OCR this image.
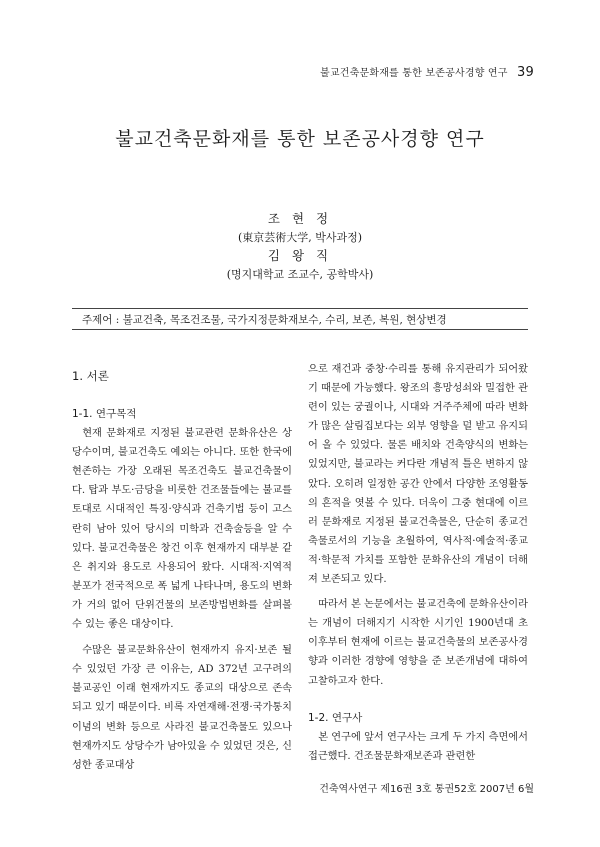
불교건축문화재를 통한 보존공사경향 연구 39
불교건축문화재를 통한 보존공사경향 연구
조 현 정
(東京芸術大学, 박사과정)
김 왕 직
(명지대학교 조교수, 공학박사)
주제어 : 불교건축, 목조건조물, 국가지정문화재보수, 수리, 보존, 복원, 현상변경
1. 서론
1-1. 연구목적

현재 문화재로 지정된 불교관련 문화유산은 상당수이며, 불교건축도 예외는 아니다. 또한 한국에 현존하는 가장 오래된 목조건축도 불교건축물이다. 탑과 부도·금당을 비롯한 건조물들에는 불교를 토대로 시대적인 특징·양식과 건축기법 등이 고스란히 남아 있어 당시의 미학과 건축술등을 알 수 있다. 불교건축물은 창건 이후 현재까지 대부분 같은 취지와 용도로 사용되어 왔다. 시대적·지역적 분포가 전국적으로 폭 넓게 나타나며, 용도의 변화가 거의 없어 단위건물의 보존방법변화를 살펴볼 수 있는 좋은 대상이다.

수많은 불교문화유산이 현재까지 유지·보존 될 수 있었던 가장 큰 이유는, AD 372년 고구려의 불교공인 이래 현재까지도 종교의 대상으로 존속되고 있기 때문이다. 비록 자연재해·전쟁·국가통치이념의 변화 등으로 사라진 불교건축물도 있으나 현재까지도 상당수가 남아있을 수 있었던 것은, 신성한 종교대상

으로 재건과 중창·수리를 통해 유지관리가 되어왔기 때문에 가능했다. 왕조의 흥망성쇠와 밀접한 관련이 있는 궁궐이나, 시대와 거주주체에 따라 변화가 많은 살림집보다는 외부 영향을 덜 받고 유지되어 올 수 있었다. 물론 배치와 건축양식의 변화는 있었지만, 불교라는 커다란 개념적 틀은 변하지 않았다. 오히려 일정한 공간 안에서 다양한 조영활동의 흔적을 엿볼 수 있다. 더욱이 그중 현대에 이르러 문화재로 지정된 불교건축물은, 단순히 종교건축물로서의 기능을 초월하여, 역사적·예술적·종교적·학문적 가치를 포함한 문화유산의 개념이 더해져 보존되고 있다.

따라서 본 논문에서는 불교건축에 문화유산이라는 개념이 더해지기 시작한 시기인 1900년대 초 이후부터 현재에 이르는 불교건축물의 보존공사경향과 이러한 경향에 영향을 준 보존개념에 대하여 고찰하고자 한다.

1-2. 연구사

본 연구에 앞서 연구사는 크게 두 가지 측면에서 접근했다. 건조물문화재보존과 관련한

건축역사연구 제16권 3호 통권52호 2007년 6월
